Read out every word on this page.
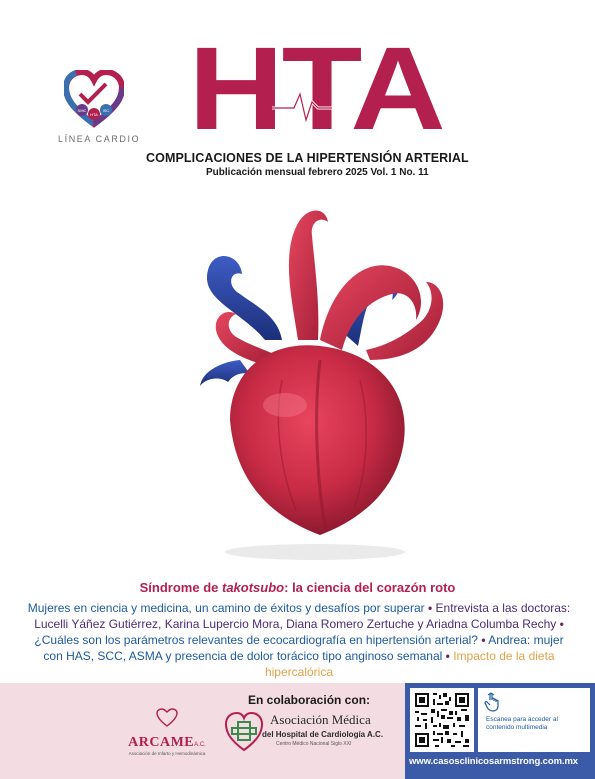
SMC
HTA
ISC
LÍNEA CARDIO HTA
COMPLICACIONES DE LA HIPERTENSIÓN ARTERIAL
Publicación mensual febrero 2025 Vol. 1 No. 11
Síndrome de takotsubo: la ciencia del corazón roto
Mujeres en ciencia y medicina, un camino de éxitos y desafíos por superar • Entrevista a las doctoras: Lucelli Yáñez Gutiérrez, Karina Lupercio Mora, Diana Romero Zertuche y Ariadna Columba Rechy • ¿Cuáles son los parámetros relevantes de ecocardiografía en hipertensión arterial? • Andrea: mujer con HAS, SCC, ASMA y presencia de dolor torácico tipo anginoso semanal • Impacto de la dieta hipercalórica
En colaboración con:
ARCAMEA.C.
Asociación de Infarto y Hemodinámica
Asociación Médica
del Hospital de Cardiología A.C.
Centro Médico Nacional Siglo XXI
Escanea para acceder al contenido multimedia
www.casosclinicosarmstrong.com.mx
